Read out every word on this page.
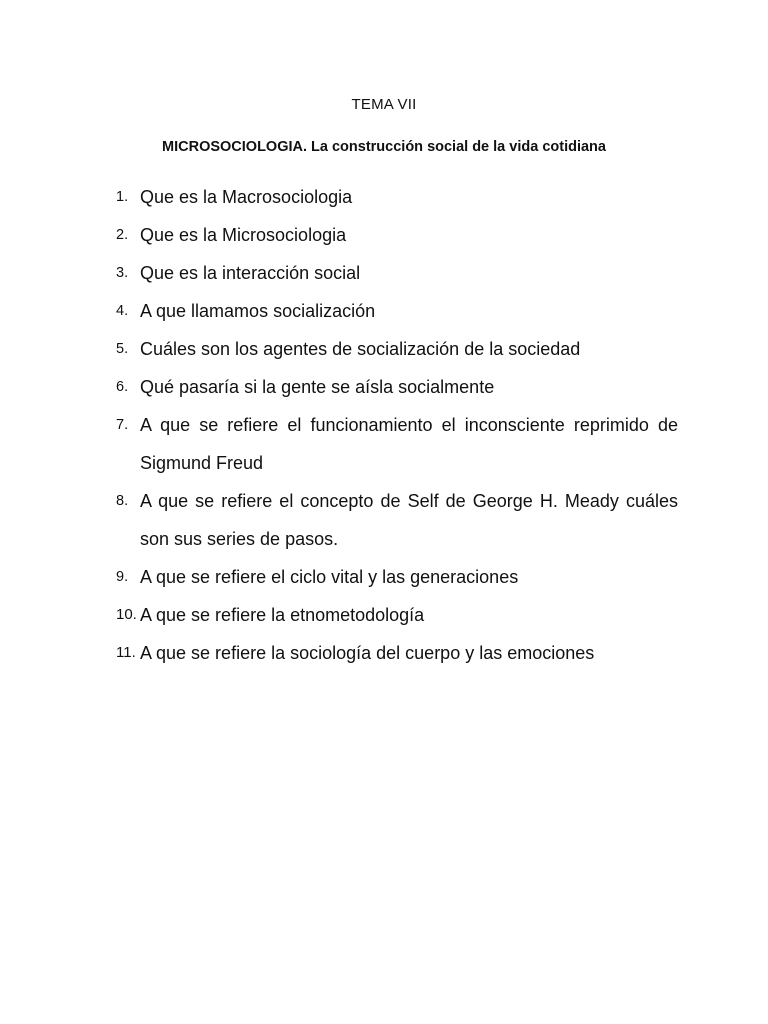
TEMA VII
MICROSOCIOLOGIA. La construcción social de la vida cotidiana
1. Que es la Macrosociologia
2. Que es la Microsociologia
3. Que es la interacción social
4. A que llamamos socialización
5. Cuáles son los agentes de socialización de la sociedad
6. Qué pasaría si la gente se aísla socialmente
7. A que se refiere el funcionamiento el inconsciente reprimido de Sigmund Freud
8. A que se refiere el concepto de Self de George H. Meady cuáles son sus series de pasos.
9. A que se refiere el ciclo vital y las generaciones
10. A que se refiere la etnometodología
11. A que se refiere la sociología del cuerpo y las emociones
